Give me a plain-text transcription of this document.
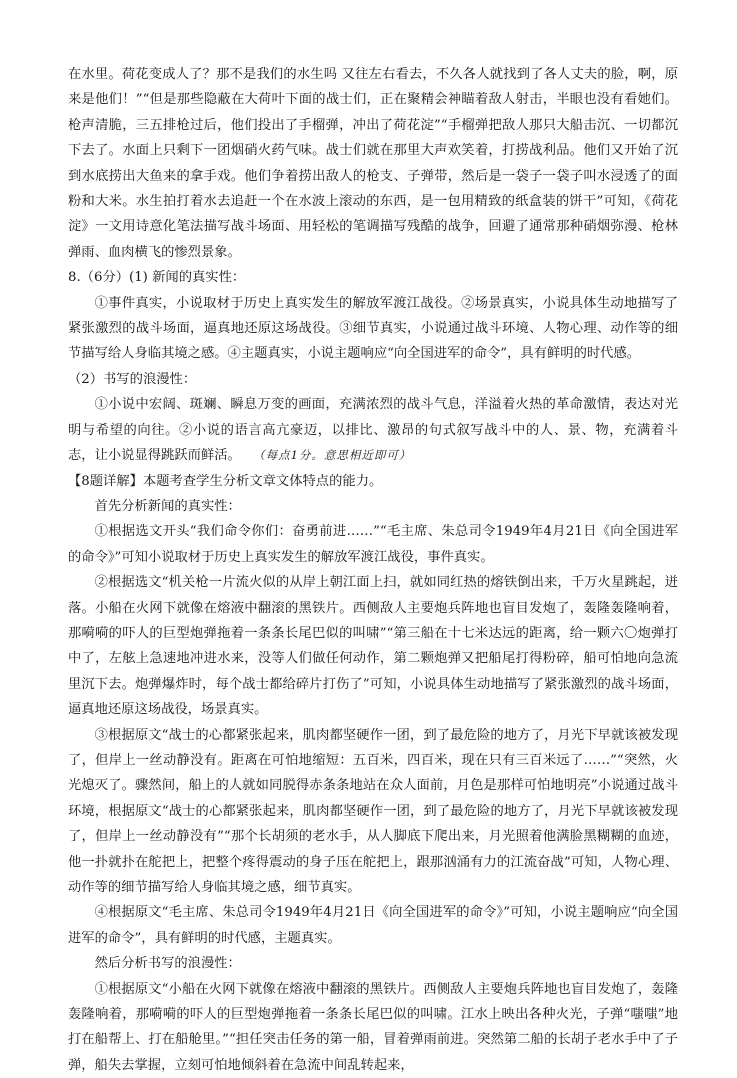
在水里。荷花变成人了？那不是我们的水生吗 又往左右看去，不久各人就找到了各人丈夫的脸，啊，原来是他们！”“但是那些隐蔽在大荷叶下面的战士们，正在聚精会神瞄着敌人射击，半眼也没有看她们。枪声清脆，三五排枪过后，他们投出了手榴弹，冲出了荷花淀”“手榴弹把敌人那只大船击沉、一切都沉下去了。水面上只剩下一团烟硝火药气味。战士们就在那里大声欢笑着，打捞战利品。他们又开始了沉到水底捞出大鱼来的拿手戏。他们争着捞出敌人的枪支、子弹带，然后是一袋子一袋子叫水浸透了的面粉和大米。水生拍打着水去追赶一个在水波上滚动的东西，是一包用精致的纸盒装的饼干”可知，《荷花淀》一文用诗意化笔法描写战斗场面、用轻松的笔调描写残酷的战争，回避了通常那种硝烟弥漫、枪林弹雨、血肉横飞的惨烈景象。

8.（6分）(1) 新闻的真实性：

①事件真实，小说取材于历史上真实发生的解放军渡江战役。②场景真实，小说具体生动地描写了紧张激烈的战斗场面，逼真地还原这场战役。③细节真实，小说通过战斗环境、人物心理、动作等的细节描写给人身临其境之感。④主题真实，小说主题响应“向全国进军的命令”，具有鲜明的时代感。

（2）书写的浪漫性：

①小说中宏阔、斑斓、瞬息万变的画面，充满浓烈的战斗气息，洋溢着火热的革命激情，表达对光明与希望的向往。②小说的语言高亢豪迈，以排比、激昂的句式叙写战斗中的人、景、物，充满着斗志，让小说显得跳跃而鲜活。 （每点1分。意思相近即可）

【8题详解】本题考查学生分析文章文体特点的能力。

首先分析新闻的真实性：

①根据选文开头“我们命令你们：奋勇前进……”“毛主席、朱总司令1949年4月21日《向全国进军的命令》”可知小说取材于历史上真实发生的解放军渡江战役，事件真实。

②根据选文“机关枪一片流火似的从岸上朝江面上扫，就如同红热的熔铁倒出来，千万火星跳起，迸落。小船在火网下就像在熔液中翻滚的黑铁片。西侧敌人主要炮兵阵地也盲目发炮了，轰隆轰隆响着，那嗬嗬的吓人的巨型炮弹拖着一条条长尾巴似的叫啸”“第三船在十七米达远的距离，给一颗六〇炮弹打中了，左舷上急速地冲进水来，没等人们做任何动作，第二颗炮弹又把船尾打得粉碎，船可怕地向急流里沉下去。炮弹爆炸时，每个战士都给碎片打伤了”可知，小说具体生动地描写了紧张激烈的战斗场面，逼真地还原这场战役，场景真实。

③根据原文“战士的心都紧张起来，肌肉都坚硬作一团，到了最危险的地方了，月光下早就该被发现了，但岸上一丝动静没有。距离在可怕地缩短：五百米，四百米，现在只有三百米远了……”“突然，火光熄灭了。骤然间，船上的人就如同脱得赤条条地站在众人面前，月色是那样可怕地明亮”小说通过战斗环境，根据原文“战士的心都紧张起来，肌肉都坚硬作一团，到了最危险的地方了，月光下早就该被发现了，但岸上一丝动静没有”“那个长胡须的老水手，从人脚底下爬出来，月光照着他满脸黑糊糊的血迹，他一扑就扑在舵把上，把整个疼得震动的身子压在舵把上，跟那汹涌有力的江流奋战”可知，人物心理、动作等的细节描写给人身临其境之感，细节真实。

④根据原文“毛主席、朱总司令1949年4月21日《向全国进军的命令》”可知，小说主题响应“向全国进军的命令”，具有鲜明的时代感，主题真实。

然后分析书写的浪漫性：

①根据原文“小船在火网下就像在熔液中翻滚的黑铁片。西侧敌人主要炮兵阵地也盲目发炮了，轰隆轰隆响着，那嗬嗬的吓人的巨型炮弹拖着一条条长尾巴似的叫啸。江水上映出各种火光，子弹“嗤嗤”地打在船帮上、打在船舱里。”“担任突击任务的第一船，冒着弹雨前进。突然第二船的长胡子老水手中了子弹，船失去掌握，立刻可怕地倾斜着在急流中间乱转起来，
